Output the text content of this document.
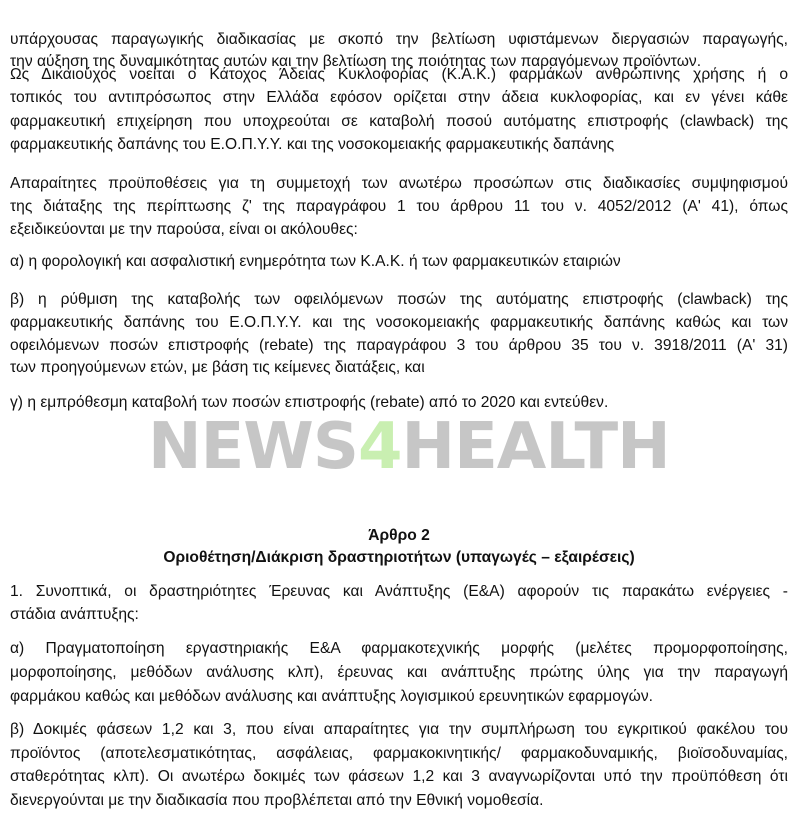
υπάρχουσας παραγωγικής διαδικασίας με σκοπό την βελτίωση υφιστάμενων διεργασιών παραγωγής,
την αύξηση της δυναμικότητας αυτών και την βελτίωση της ποιότητας των παραγόμενων προϊόντων.
Ως Δικαιούχος νοείται ο Κάτοχος Άδειας Κυκλοφορίας (Κ.Α.Κ.) φαρμάκων ανθρώπινης χρήσης ή ο
τοπικός του αντιπρόσωπος στην Ελλάδα εφόσον ορίζεται στην άδεια κυκλοφορίας, και εν γένει κάθε
φαρμακευτική επιχείρηση που υποχρεούται σε καταβολή ποσού αυτόματης επιστροφής (clawback) της
φαρμακευτικής δαπάνης του Ε.Ο.Π.Υ.Υ. και της νοσοκομειακής φαρμακευτικής δαπάνης
Απαραίτητες προϋποθέσεις για τη συμμετοχή των ανωτέρω προσώπων στις διαδικασίες συμψηφισμού
της διάταξης της περίπτωσης ζ' της παραγράφου 1 του άρθρου 11 του ν. 4052/2012 (Α' 41), όπως
εξειδικεύονται με την παρούσα, είναι οι ακόλουθες:
α) η φορολογική και ασφαλιστική ενημερότητα των Κ.Α.Κ. ή των φαρμακευτικών εταιριών
β) η ρύθμιση της καταβολής των οφειλόμενων ποσών της αυτόματης επιστροφής (clawback) της
φαρμακευτικής δαπάνης του Ε.Ο.Π.Υ.Υ. και της νοσοκομειακής φαρμακευτικής δαπάνης καθώς και των
οφειλόμενων ποσών επιστροφής (rebate) της παραγράφου 3 του άρθρου 35 του ν. 3918/2011 (Α' 31)
των προηγούμενων ετών, με βάση τις κείμενες διατάξεις, και
γ) η εμπρόθεσμη καταβολή των ποσών επιστροφής (rebate) από το 2020 και εντεύθεν.
Άρθρο 2
Οριοθέτηση/Διάκριση δραστηριοτήτων (υπαγωγές – εξαιρέσεις)
1. Συνοπτικά, οι δραστηριότητες Έρευνας και Ανάπτυξης (Ε&Α) αφορούν τις παρακάτω ενέργειες -
στάδια ανάπτυξης:
α) Πραγματοποίηση εργαστηριακής Ε&Α φαρμακοτεχνικής μορφής (μελέτες προμορφοποίησης,
μορφοποίησης, μεθόδων ανάλυσης κλπ), έρευνας και ανάπτυξης πρώτης ύλης για την παραγωγή
φαρμάκου καθώς και μεθόδων ανάλυσης και ανάπτυξης λογισμικού ερευνητικών εφαρμογών.
β) Δοκιμές φάσεων 1,2 και 3, που είναι απαραίτητες για την συμπλήρωση του εγκριτικού φακέλου του
προϊόντος (αποτελεσματικότητας, ασφάλειας, φαρμακοκινητικής/ φαρμακοδυναμικής, βιοϊσοδυναμίας,
σταθερότητας κλπ). Οι ανωτέρω δοκιμές των φάσεων 1,2 και 3 αναγνωρίζονται υπό την προϋπόθεση ότι
διενεργούνται με την διαδικασία που προβλέπεται από την Εθνική νομοθεσία.
NEWS4HEALTH
